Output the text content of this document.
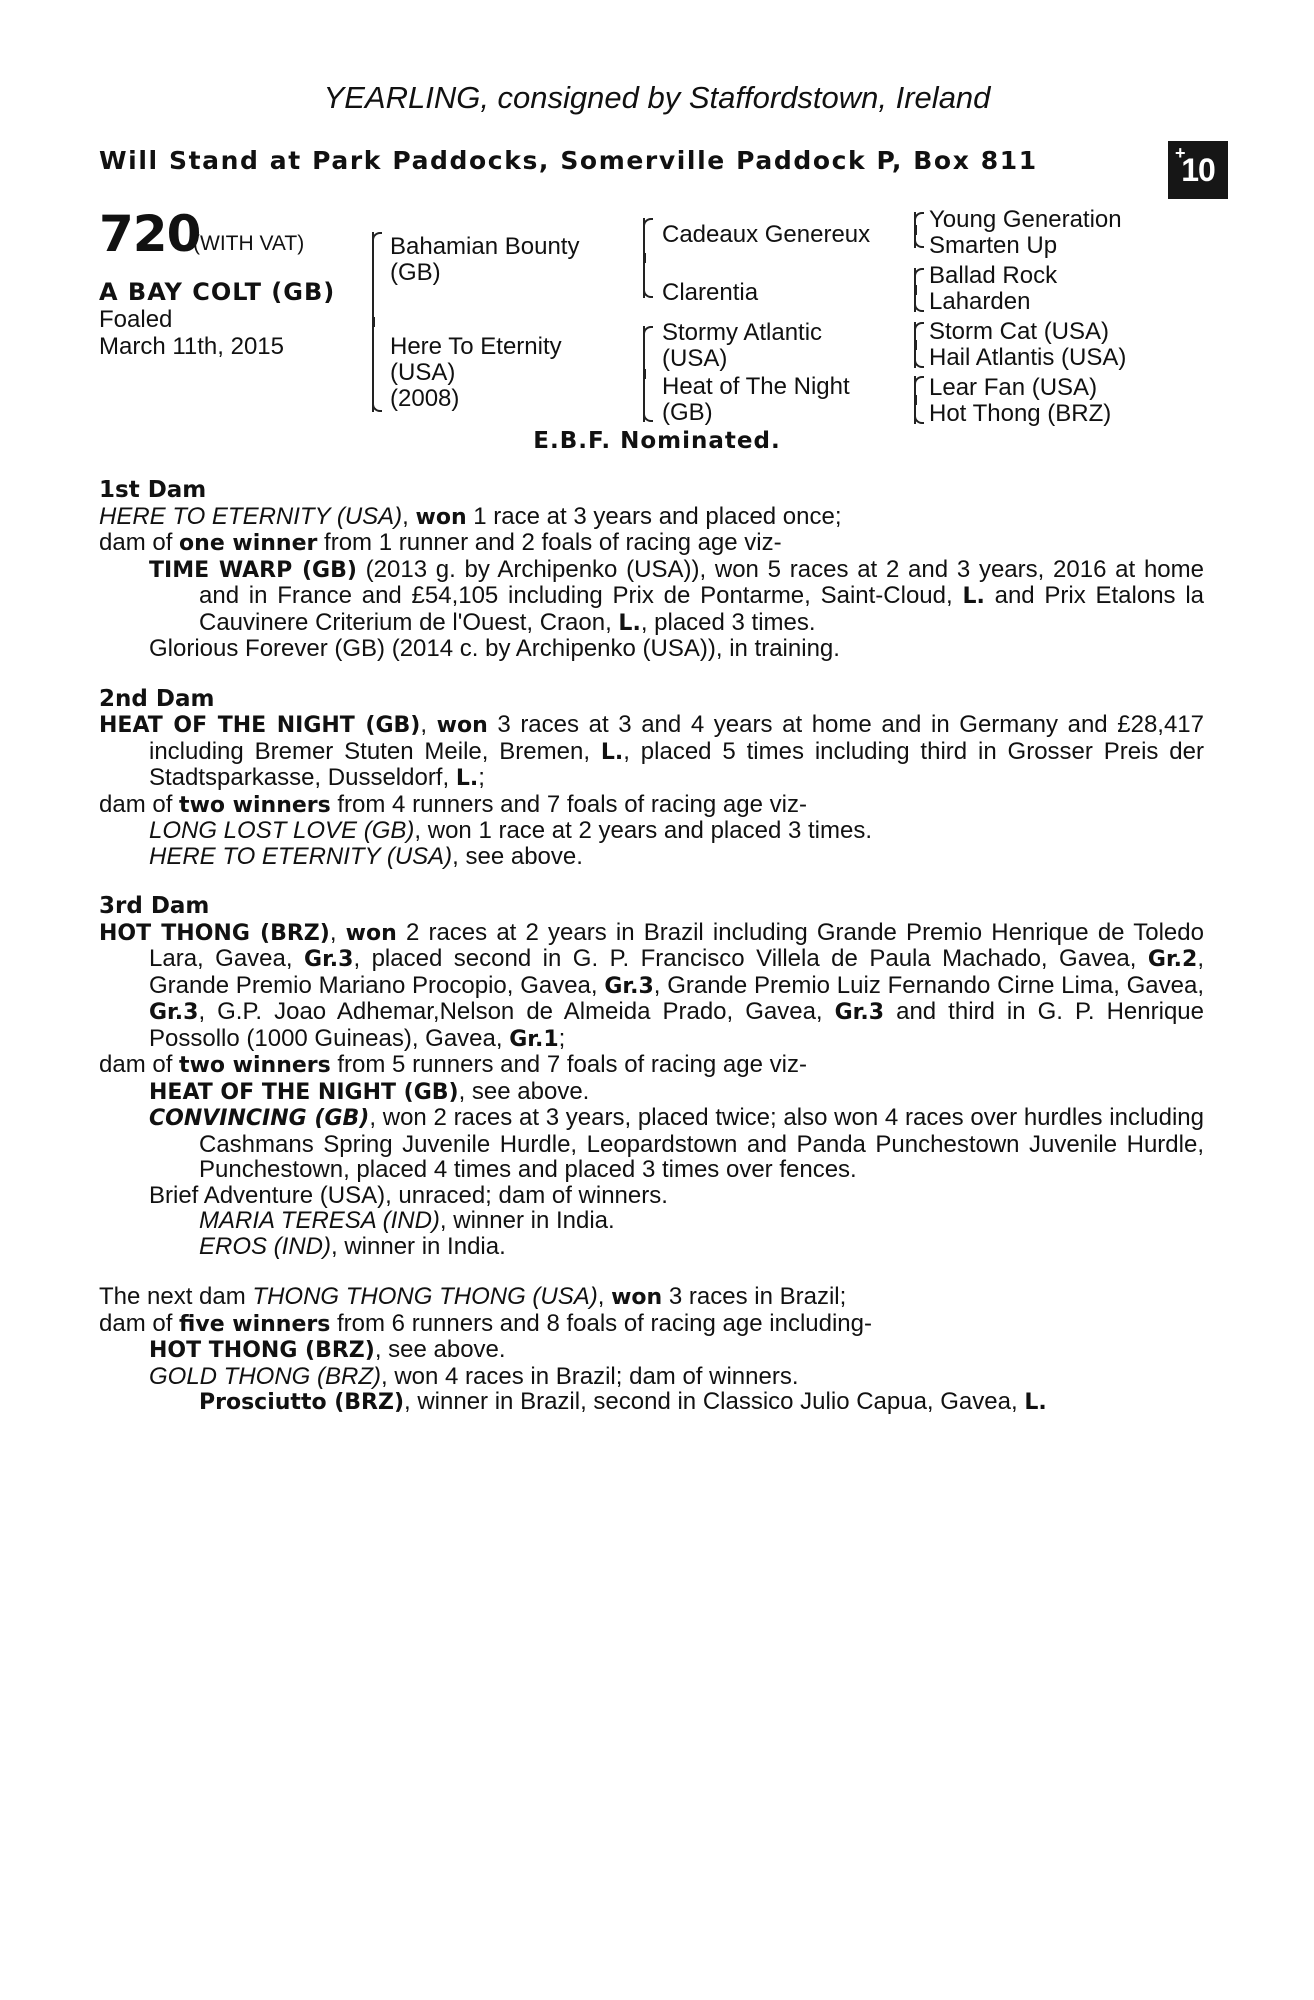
YEARLING, consigned by Staffordstown, Ireland
Will Stand at Park Paddocks, Somerville Paddock P, Box 811	+
10
720
(WITH VAT)
A BAY COLT (GB)
Foaled
March 11th, 2015
Bahamian Bounty
(GB)
Here To Eternity
(USA)
(2008)
Cadeaux Genereux
Clarentia
Stormy Atlantic
(USA)
Heat of The Night
(GB)
Young Generation
Smarten Up
Ballad Rock
Laharden
Storm Cat (USA)
Hail Atlantis (USA)
Lear Fan (USA)
Hot Thong (BRZ)
E.B.F. Nominated.
1st Dam

HERE TO ETERNITY (USA), won 1 race at 3 years and placed once;

dam of one winner from 1 runner and 2 foals of racing age viz-

TIME WARP (GB) (2013 g. by Archipenko (USA)), won 5 races at 2 and 3 years, 2016 at home and in France and £54,105 including Prix de Pontarme, Saint-Cloud, L. and Prix Etalons la Cauvinere Criterium de l'Ouest, Craon, L., placed 3 times.

Glorious Forever (GB) (2014 c. by Archipenko (USA)), in training.

2nd Dam

HEAT OF THE NIGHT (GB), won 3 races at 3 and 4 years at home and in Germany and £28,417 including Bremer Stuten Meile, Bremen, L., placed 5 times including third in Grosser Preis der Stadtsparkasse, Dusseldorf, L.;

dam of two winners from 4 runners and 7 foals of racing age viz-

LONG LOST LOVE (GB), won 1 race at 2 years and placed 3 times.

HERE TO ETERNITY (USA), see above.

3rd Dam

HOT THONG (BRZ), won 2 races at 2 years in Brazil including Grande Premio Henrique de Toledo Lara, Gavea, Gr.3, placed second in G. P. Francisco Villela de Paula Machado, Gavea, Gr.2, Grande Premio Mariano Procopio, Gavea, Gr.3, Grande Premio Luiz Fernando Cirne Lima, Gavea, Gr.3, G.P. Joao Adhemar,Nelson de Almeida Prado, Gavea, Gr.3 and third in G. P. Henrique Possollo (1000 Guineas), Gavea, Gr.1;

dam of two winners from 5 runners and 7 foals of racing age viz-

HEAT OF THE NIGHT (GB), see above.

CONVINCING (GB), won 2 races at 3 years, placed twice; also won 4 races over hurdles including Cashmans Spring Juvenile Hurdle, Leopardstown and Panda Punchestown Juvenile Hurdle, Punchestown, placed 4 times and placed 3 times over fences.

Brief Adventure (USA), unraced; dam of winners.

MARIA TERESA (IND), winner in India.

EROS (IND), winner in India.

The next dam THONG THONG THONG (USA), won 3 races in Brazil;

dam of five winners from 6 runners and 8 foals of racing age including-

HOT THONG (BRZ), see above.

GOLD THONG (BRZ), won 4 races in Brazil; dam of winners.

Prosciutto (BRZ), winner in Brazil, second in Classico Julio Capua, Gavea, L.
